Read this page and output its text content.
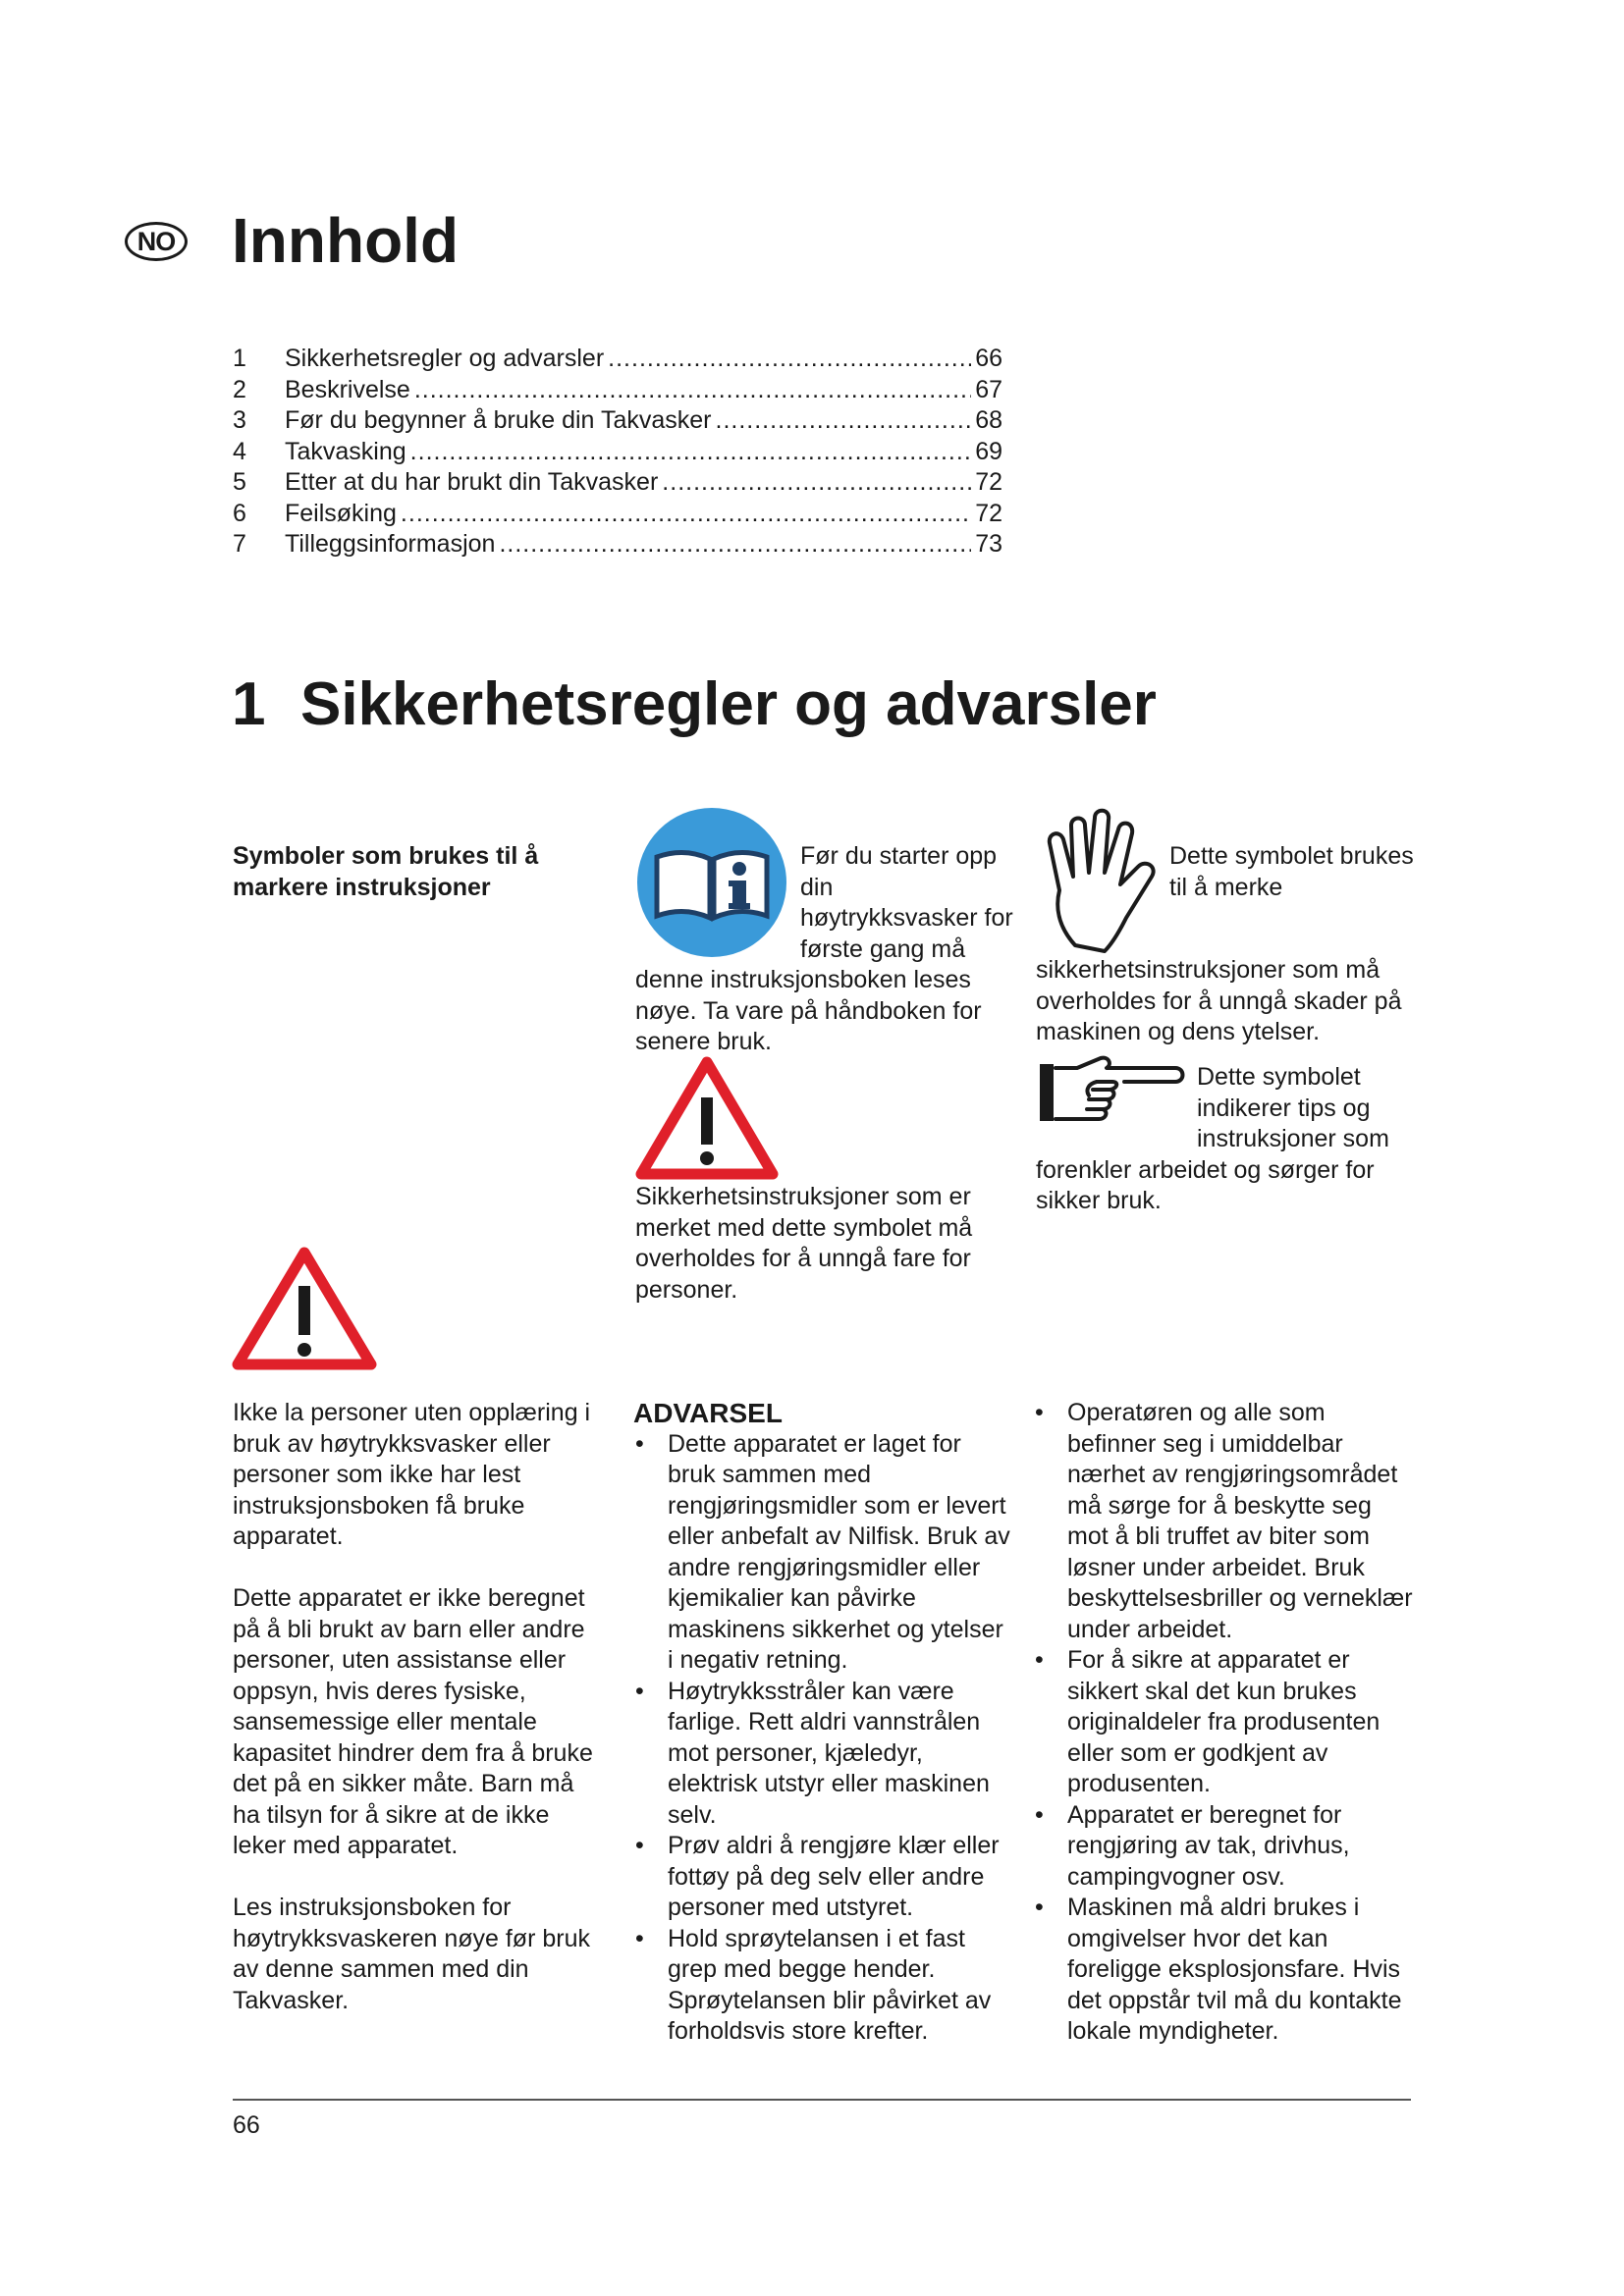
NO Innhold
1	Sikkerhetsregler og advarsler .....	66
2	Beskrivelse .....	67
3	Før du begynner å bruke din Takvasker .....	68
4	Takvasking .....	69
5	Etter at du har brukt din Takvasker .....	72
6	Feilsøking .....	72
7	Tilleggsinformasjon .....	73
1 Sikkerhetsregler og advarsler
Symboler som brukes til å markere instruksjoner

Før du starter opp din høytrykksvasker for første gang må denne instruksjonsboken leses nøye. Ta vare på håndboken for senere bruk.

Dette symbolet brukes til å merke sikkerhetsinstruksjoner som må overholdes for å unngå skader på maskinen og dens ytelser.

Sikkerhetsinstruksjoner som er merket med dette symbolet må overholdes for å unngå fare for personer.

Dette symbolet indikerer tips og instruksjoner som forenkler arbeidet og sørger for sikker bruk.

Ikke la personer uten opplæring i bruk av høytrykksvasker eller personer som ikke har lest instruksjonsboken få bruke apparatet.

Dette apparatet er ikke beregnet på å bli brukt av barn eller andre personer, uten assistanse eller oppsyn, hvis deres fysiske, sansemessige eller mentale kapasitet hindrer dem fra å bruke det på en sikker måte. Barn må ha tilsyn for å sikre at de ikke leker med apparatet.

Les instruksjonsboken for høytrykksvaskeren nøye før bruk av denne sammen med din Takvasker.

ADVARSEL
• Dette apparatet er laget for bruk sammen med rengjøringsmidler som er levert eller anbefalt av Nilfisk. Bruk av andre rengjøringsmidler eller kjemikalier kan påvirke maskinens sikkerhet og ytelser i negativ retning.
• Høytrykksstråler kan være farlige. Rett aldri vannstrålen mot personer, kjæledyr, elektrisk utstyr eller maskinen selv.
• Prøv aldri å rengjøre klær eller fottøy på deg selv eller andre personer med utstyret.
• Hold sprøytelansen i et fast grep med begge hender. Sprøytelansen blir påvirket av forholdsvis store krefter.
• Operatøren og alle som befinner seg i umiddelbar nærhet av rengjøringsområdet må sørge for å beskytte seg mot å bli truffet av biter som løsner under arbeidet. Bruk beskyttelsesbriller og verneklær under arbeidet.
• For å sikre at apparatet er sikkert skal det kun brukes originaldeler fra produsenten eller som er godkjent av produsenten.
• Apparatet er beregnet for rengjøring av tak, drivhus, campingvogner osv.
• Maskinen må aldri brukes i omgivelser hvor det kan foreligge eksplosjonsfare. Hvis det oppstår tvil må du kontakte lokale myndigheter.
66
